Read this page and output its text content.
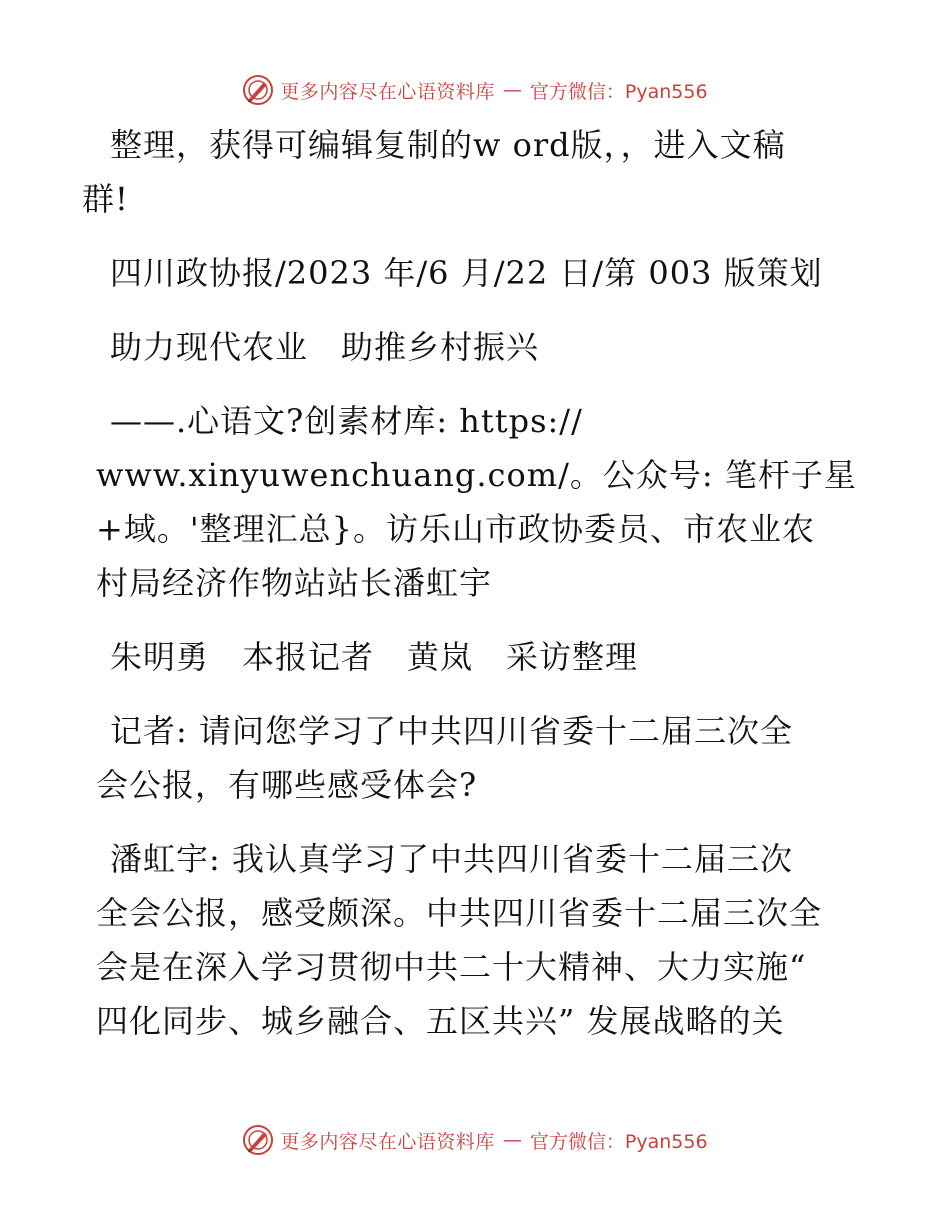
更多内容尽在心语资料库 — 官方微信：Pyan556
整理，获得可编辑复制的w ord版，，进入文稿
群!
四川政协报/2023 年/6 月/22 日/第 003 版策划
助力现代农业　助推乡村振兴
——.心语文?创素材库: https://
www.xinyuwenchuang.com/。公众号: 笔杆子星
+域。'整理汇总}。访乐山市政协委员、市农业农
村局经济作物站站长潘虹宇
朱明勇　本报记者　黄岚　采访整理
记者: 请问您学习了中共四川省委十二届三次全
会公报，有哪些感受体会?
潘虹宇: 我认真学习了中共四川省委十二届三次
全会公报，感受颇深。中共四川省委十二届三次全
会是在深入学习贯彻中共二十大精神、大力实施“
四化同步、城乡融合、五区共兴” 发展战略的关
更多内容尽在心语资料库 — 官方微信：Pyan556
